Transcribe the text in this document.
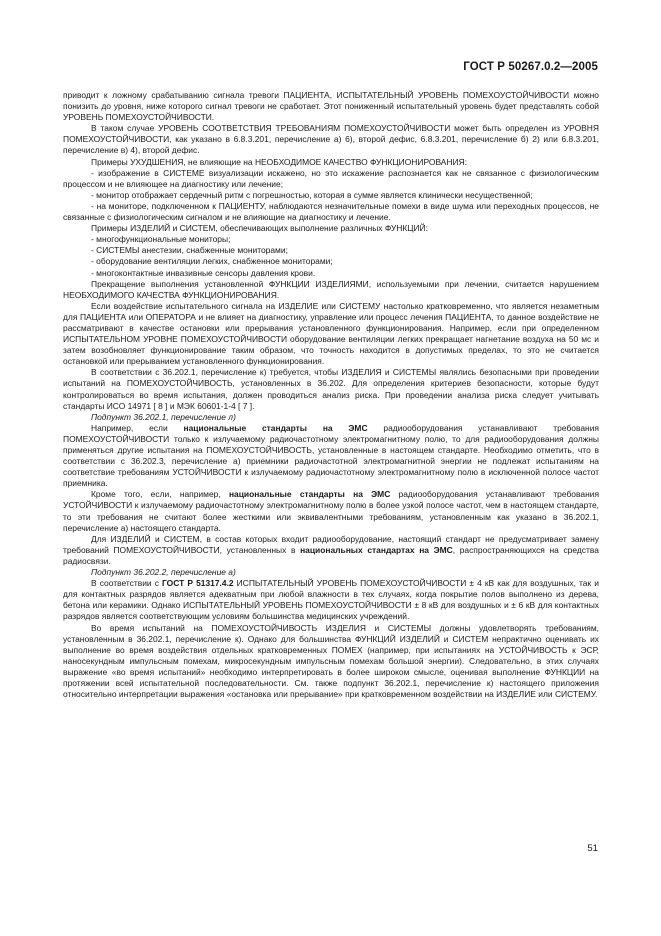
ГОСТ Р 50267.0.2—2005

приводит к ложному срабатыванию сигнала тревоги ПАЦИЕНТА, ИСПЫТАТЕЛЬНЫЙ УРОВЕНЬ ПОМЕХОУСТОЙЧИВОСТИ можно понизить до уровня, ниже которого сигнал тревоги не сработает. Этот пониженный испытательный уровень будет представлять собой УРОВЕНЬ ПОМЕХОУСТОЙЧИВОСТИ.

В таком случае УРОВЕНЬ СООТВЕТСТВИЯ ТРЕБОВАНИЯМ ПОМЕХОУСТОЙЧИВОСТИ может быть определен из УРОВНЯ ПОМЕХОУСТОЙЧИВОСТИ, как указано в 6.8.3.201, перечисление а) 6), второй дефис, 6.8.3.201, перечисление б) 2) или 6.8.3.201, перечисление в) 4), второй дефис.

Примеры УХУДШЕНИЯ, не влияющие на НЕОБХОДИМОЕ КАЧЕСТВО ФУНКЦИОНИРОВАНИЯ:

- изображение в СИСТЕМЕ визуализации искажено, но это искажение распознается как не связанное с физиологическим процессом и не влияющее на диагностику или лечение;

- монитор отображает сердечный ритм с погрешностью, которая в сумме является клинически несущественной;

- на мониторе, подключенном к ПАЦИЕНТУ, наблюдаются незначительные помехи в виде шума или переходных процессов, не связанные с физиологическим сигналом и не влияющие на диагностику и лечение.

Примеры ИЗДЕЛИЙ и СИСТЕМ, обеспечивающих выполнение различных ФУНКЦИЙ:

- многофункциональные мониторы;

- СИСТЕМЫ анестезии, снабженные мониторами;

- оборудование вентиляции легких, снабженное мониторами;

- многоконтактные инвазивные сенсоры давления крови.

Прекращение выполнения установленной ФУНКЦИИ ИЗДЕЛИЯМИ, используемыми при лечении, считается нарушением НЕОБХОДИМОГО КАЧЕСТВА ФУНКЦИОНИРОВАНИЯ.

Если воздействие испытательного сигнала на ИЗДЕЛИЕ или СИСТЕМУ настолько кратковременно, что является незаметным для ПАЦИЕНТА или ОПЕРАТОРА и не влияет на диагностику, управление или процесс лечения ПАЦИЕНТА, то данное воздействие не рассматривают в качестве остановки или прерывания установленного функционирования. Например, если при определенном ИСПЫТАТЕЛЬНОМ УРОВНЕ ПОМЕХОУСТОЙЧИВОСТИ оборудование вентиляции легких прекращает нагнетание воздуха на 50 мс и затем возобновляет функционирование таким образом, что точность находится в допустимых пределах, то это не считается остановкой или прерыванием установленного функционирования.

В соответствии с 36.202.1, перечисление к) требуется, чтобы ИЗДЕЛИЯ и СИСТЕМЫ являлись безопасными при проведении испытаний на ПОМЕХОУСТОЙЧИВОСТЬ, установленных в 36.202. Для определения критериев безопасности, которые будут контролироваться во время испытания, должен проводиться анализ риска. При проведении анализа риска следует учитывать стандарты ИСО 14971 [ 8 ] и МЭК 60601-1-4 [ 7 ].

Подпункт 36.202.1, перечисление л)

Например, если национальные стандарты на ЭМС радиооборудования устанавливают требования ПОМЕХОУСТОЙЧИВОСТИ только к излучаемому радиочастотному электромагнитному полю, то для радиооборудования должны применяться другие испытания на ПОМЕХОУСТОЙЧИВОСТЬ, установленные в настоящем стандарте. Необходимо отметить, что в соответствии с 36.202.3, перечисление а) приемники радиочастотной электромагнитной энергии не подлежат испытаниям на соответствие требованиям УСТОЙЧИВОСТИ к излучаемому радиочастотному электромагнитному полю в исключенной полосе частот приемника.

Кроме того, если, например, национальные стандарты на ЭМС радиооборудования устанавливают требования УСТОЙЧИВОСТИ к излучаемому радиочастотному электромагнитному полю в более узкой полосе частот, чем в настоящем стандарте, то эти требования не считают более жесткими или эквивалентными требованиям, установленным как указано в 36.202.1, перечисление а) настоящего стандарта.

Для ИЗДЕЛИЙ и СИСТЕМ, в состав которых входит радиооборудование, настоящий стандарт не предусматривает замену требований ПОМЕХОУСТОЙЧИВОСТИ, установленных в национальных стандартах на ЭМС, распространяющихся на средства радиосвязи.

Подпункт 36.202.2, перечисление а)

В соответствии с ГОСТ Р 51317.4.2 ИСПЫТАТЕЛЬНЫЙ УРОВЕНЬ ПОМЕХОУСТОЙЧИВОСТИ ± 4 кВ как для воздушных, так и для контактных разрядов является адекватным при любой влажности в тех случаях, когда покрытие полов выполнено из дерева, бетона или керамики. Однако ИСПЫТАТЕЛЬНЫЙ УРОВЕНЬ ПОМЕХОУСТОЙЧИВОСТИ ± 8 кВ для воздушных и ± 6 кВ для контактных разрядов является соответствующим условиям большинства медицинских учреждений.

Во время испытаний на ПОМЕХОУСТОЙЧИВОСТЬ ИЗДЕЛИЯ и СИСТЕМЫ должны удовлетворять требованиям, установленным в 36.202.1, перечисление к). Однако для большинства ФУНКЦИЙ ИЗДЕЛИЙ и СИСТЕМ непрактично оценивать их выполнение во время воздействия отдельных кратковременных ПОМЕХ (например, при испытаниях на УСТОЙЧИВОСТЬ к ЭСР, наносекундным импульсным помехам, микросекундным импульсным помехам большой энергии). Следовательно, в этих случаях выражение «во время испытаний» необходимо интерпретировать в более широком смысле, оценивая выполнение ФУНКЦИИ на протяжении всей испытательной последовательности. См. также подпункт 36.202.1, перечисление к) настоящего приложения относительно интерпретации выражения «остановка или прерывание» при кратковременном воздействии на ИЗДЕЛИЕ или СИСТЕМУ.

51
